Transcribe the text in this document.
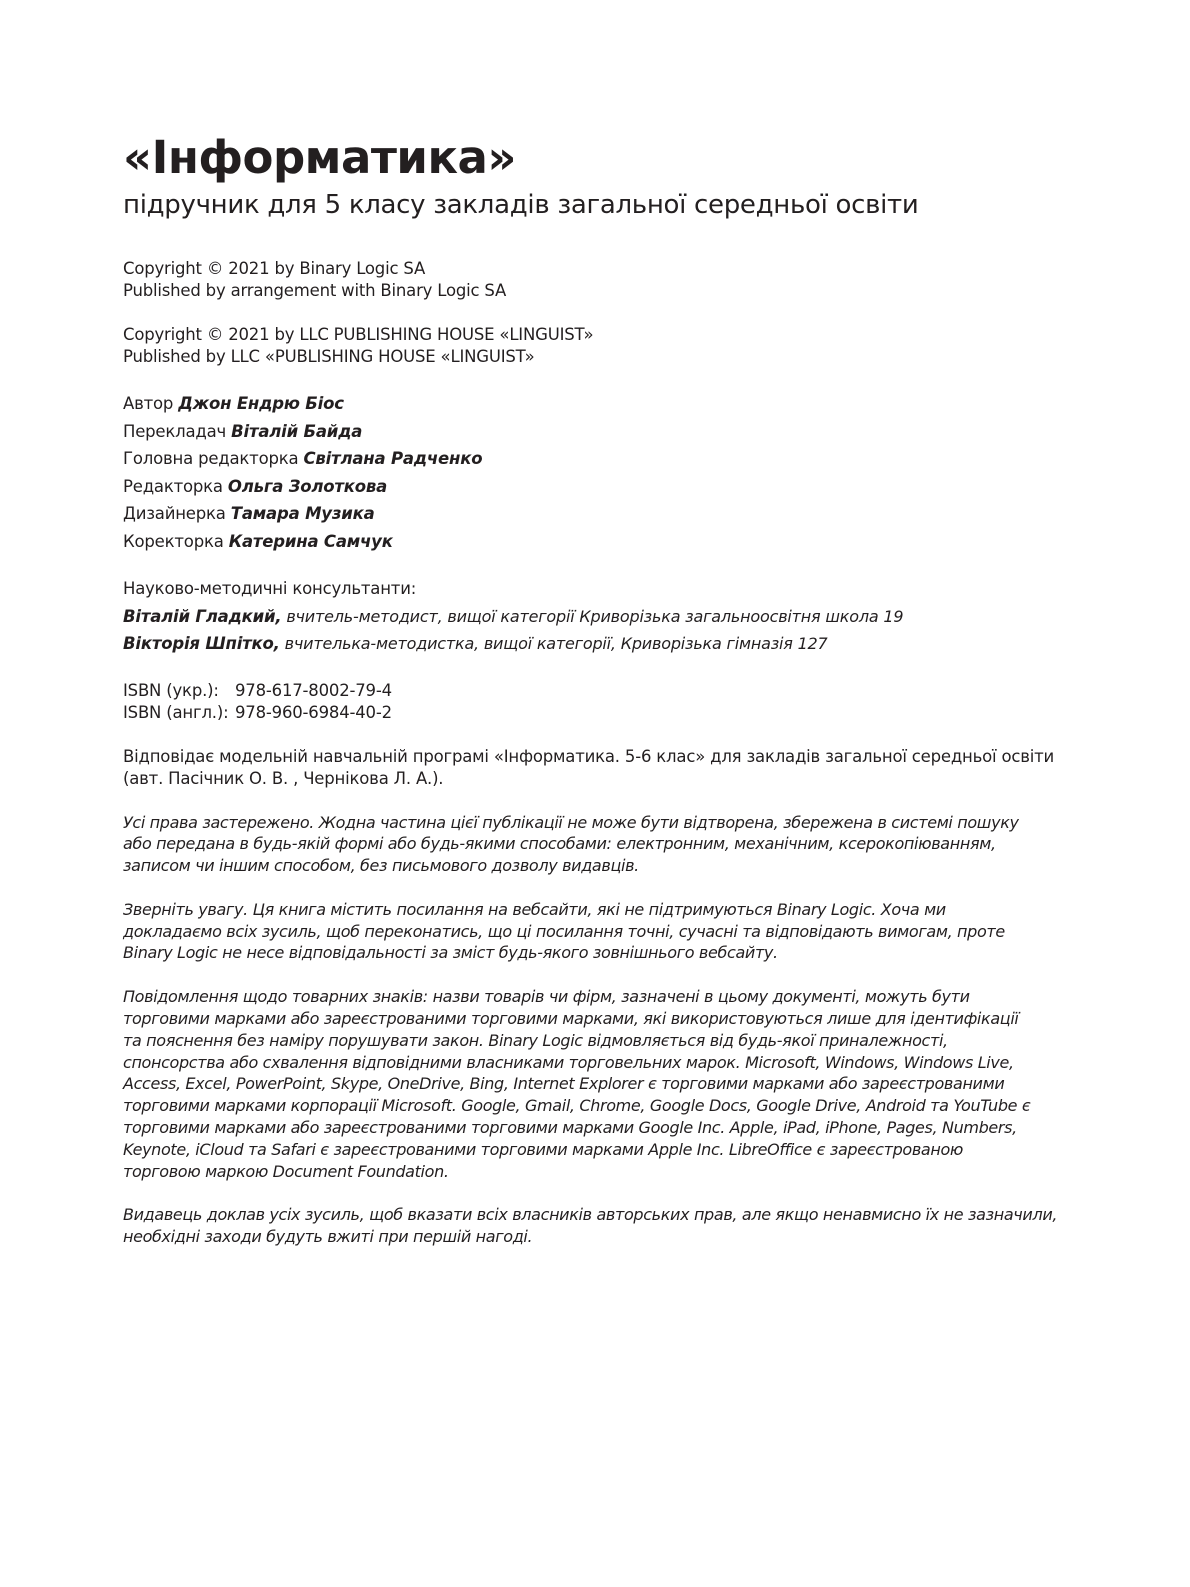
«Інформатика»

підручник для 5 класу закладів загальної середньої освіти

Copyright © 2021 by Binary Logic SA

Published by arrangement with Binary Logic SA

Copyright © 2021 by LLC PUBLISHING HOUSE «LINGUIST»

Published by LLC «PUBLISHING HOUSE «LINGUIST»

Автор Джон Ендрю Біос

Перекладач Віталій Байда

Головна редакторка Світлана Радченко

Редакторка Ольга Золоткова

Дизайнерка Тамара Музика

Коректорка Катерина Самчук

Науково-методичні консультанти:

Віталій Гладкий, вчитель-методист, вищої категорії Криворізька загальноосвітня школа 19

Вікторія Шпітко, вчителька-методистка, вищої категорії, Криворізька гімназія 127

ISBN (укр.): 978-617-8002-79-4
ISBN (англ.): 978-960-6984-40-2

Відповідає модельній навчальній програмі «Інформатика. 5-6 клас» для закладів загальної середньої освіти

(авт. Пасічник О. В. , Чернікова Л. А.).

Усі права застережено. Жодна частина цієї публікації не може бути відтворена, збережена в системі пошуку

або передана в будь-якій формі або будь-якими способами: електронним, механічним, ксерокопіюванням,

записом чи іншим способом, без письмового дозволу видавців.

Зверніть увагу. Ця книга містить посилання на вебсайти, які не підтримуються Binary Logic. Хоча ми

докладаємо всіх зусиль, щоб переконатись, що ці посилання точні, сучасні та відповідають вимогам, проте

Binary Logic не несе відповідальності за зміст будь-якого зовнішнього вебсайту.

Повідомлення щодо товарних знаків: назви товарів чи фірм, зазначені в цьому документі, можуть бути

торговими марками або зареєстрованими торговими марками, які використовуються лише для ідентифікації

та пояснення без наміру порушувати закон. Binary Logic відмовляється від будь-якої приналежності,

спонсорства або схвалення відповідними власниками торговельних марок. Microsoft, Windows, Windows Live,

Access, Excel, PowerPoint, Skype, OneDrive, Bing, Internet Explorer є торговими марками або зареєстрованими

торговими марками корпорації Microsoft. Google, Gmail, Chrome, Google Docs, Google Drive, Android та YouTube є

торговими марками або зареєстрованими торговими марками Google Inc. Apple, iPad, iPhone, Pages, Numbers,

Keynote, iCloud та Safari є зареєстрованими торговими марками Apple Inc. LibreOffice є зареєстрованою

торговою маркою Document Foundation.

Видавець доклав усіх зусиль, щоб вказати всіх власників авторських прав, але якщо ненавмисно їх не зазначили,

необхідні заходи будуть вжиті при першій нагоді.
